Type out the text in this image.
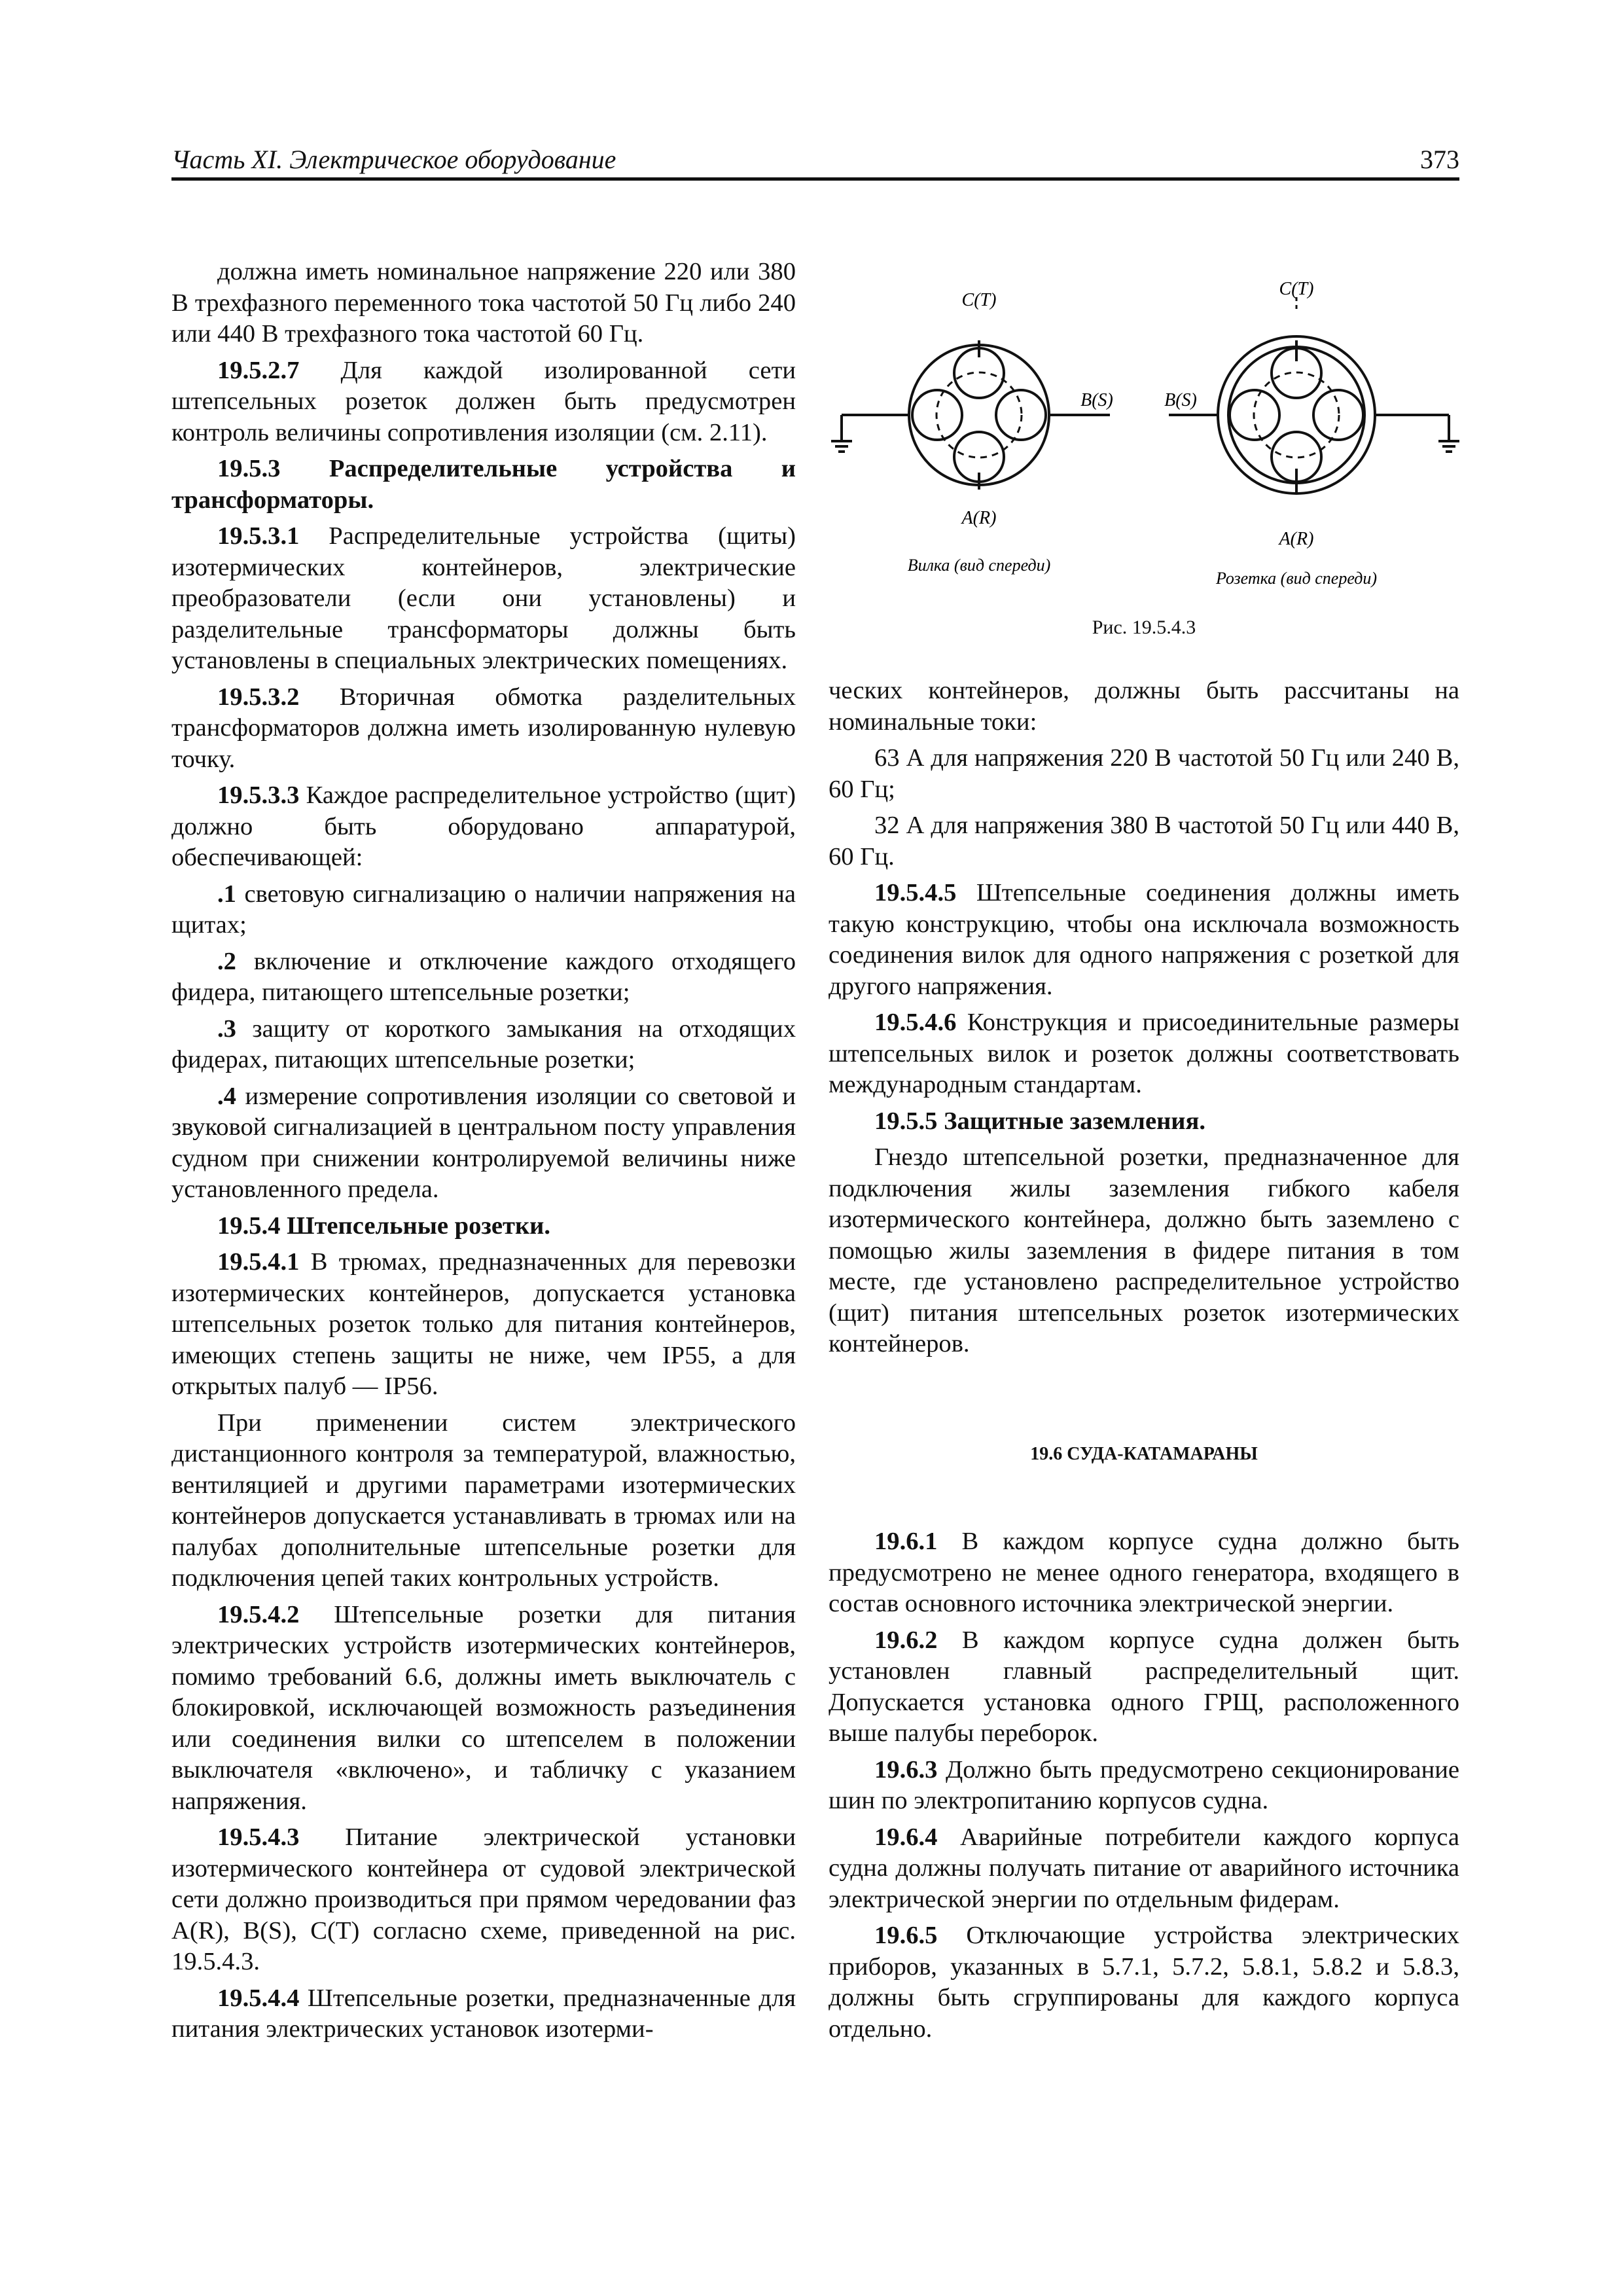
Часть XI. Электрическое оборудование	373

должна иметь номинальное напряжение 220 или 380 В трехфазного переменного тока частотой 50 Гц либо 240 или 440 В трехфазного тока частотой 60 Гц.

19.5.2.7 Для каждой изолированной сети штепсельных розеток должен быть предусмотрен контроль величины сопротивления изоляции (см. 2.11).

19.5.3 Распределительные устройства и трансформаторы.

19.5.3.1 Распределительные устройства (щиты) изотермических контейнеров, электрические преобразователи (если они установлены) и разделительные трансформаторы должны быть установлены в специальных электрических помещениях.

19.5.3.2 Вторичная обмотка разделительных трансформаторов должна иметь изолированную нулевую точку.

19.5.3.3 Каждое распределительное устройство (щит) должно быть оборудовано аппаратурой, обеспечивающей:

.1 световую сигнализацию о наличии напряжения на щитах;

.2 включение и отключение каждого отходящего фидера, питающего штепсельные розетки;

.3 защиту от короткого замыкания на отходящих фидерах, питающих штепсельные розетки;

.4 измерение сопротивления изоляции со световой и звуковой сигнализацией в центральном посту управления судном при снижении контролируемой величины ниже установленного предела.

19.5.4 Штепсельные розетки.

19.5.4.1 В трюмах, предназначенных для перевозки изотермических контейнеров, допускается установка штепсельных розеток только для питания контейнеров, имеющих степень защиты не ниже, чем IP55, а для открытых палуб — IP56.

При применении систем электрического дистанционного контроля за температурой, влажностью, вентиляцией и другими параметрами изотермических контейнеров допускается устанавливать в трюмах или на палубах дополнительные штепсельные розетки для подключения цепей таких контрольных устройств.

19.5.4.2 Штепсельные розетки для питания электрических устройств изотермических контейнеров, помимо требований 6.6, должны иметь выключатель с блокировкой, исключающей возможность разъединения или соединения вилки со штепселем в положении выключателя «включено», и табличку с указанием напряжения.

19.5.4.3 Питание электрической установки изотермического контейнера от судовой электрической сети должно производиться при прямом чередовании фаз A(R), B(S), C(T) согласно схеме, приведенной на рис. 19.5.4.3.

19.5.4.4 Штепсельные розетки, предназначенные для питания электрических установок изотерми-

C(T)
B(S)
A(R)
Вилка (вид спереди)
C(T)
B(S)
A(R)
Розетка (вид спереди)
Рис. 19.5.4.3

ческих контейнеров, должны быть рассчитаны на номинальные токи:

63 А для напряжения 220 В частотой 50 Гц или 240 В, 60 Гц;

32 А для напряжения 380 В частотой 50 Гц или 440 В, 60 Гц.

19.5.4.5 Штепсельные соединения должны иметь такую конструкцию, чтобы она исключала возможность соединения вилок для одного напряжения с розеткой для другого напряжения.

19.5.4.6 Конструкция и присоединительные размеры штепсельных вилок и розеток должны соответствовать международным стандартам.

19.5.5 Защитные заземления.

Гнездо штепсельной розетки, предназначенное для подключения жилы заземления гибкого кабеля изотермического контейнера, должно быть заземлено с помощью жилы заземления в фидере питания в том месте, где установлено распределительное устройство (щит) питания штепсельных розеток изотермических контейнеров.

19.6 СУДА-КАТАМАРАНЫ

19.6.1 В каждом корпусе судна должно быть предусмотрено не менее одного генератора, входящего в состав основного источника электрической энергии.

19.6.2 В каждом корпусе судна должен быть установлен главный распределительный щит. Допускается установка одного ГРЩ, расположенного выше палубы переборок.

19.6.3 Должно быть предусмотрено секционирование шин по электропитанию корпусов судна.

19.6.4 Аварийные потребители каждого корпуса судна должны получать питание от аварийного источника электрической энергии по отдельным фидерам.

19.6.5 Отключающие устройства электрических приборов, указанных в 5.7.1, 5.7.2, 5.8.1, 5.8.2 и 5.8.3, должны быть сгруппированы для каждого корпуса отдельно.
